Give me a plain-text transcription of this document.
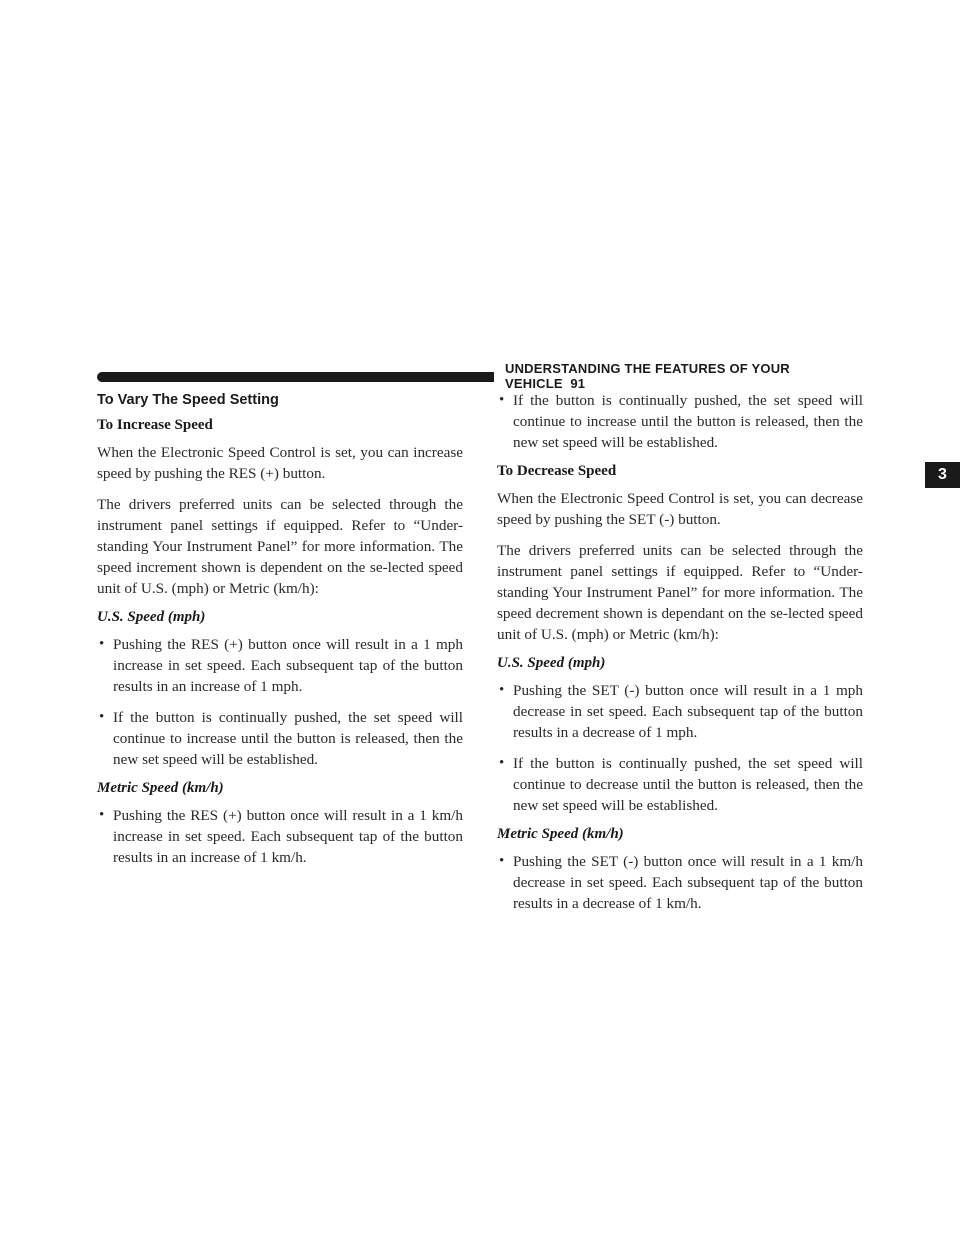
UNDERSTANDING THE FEATURES OF YOUR VEHICLE 91
3
To Vary The Speed Setting
To Increase Speed

When the Electronic Speed Control is set, you can increase speed by pushing the RES (+) button.

The drivers preferred units can be selected through the instrument panel settings if equipped. Refer to “Under-standing Your Instrument Panel” for more information. The speed increment shown is dependent on the se-lected speed unit of U.S. (mph) or Metric (km/h):

U.S. Speed (mph)
• Pushing the RES (+) button once will result in a 1 mph increase in set speed. Each subsequent tap of the button results in an increase of 1 mph.
• If the button is continually pushed, the set speed will continue to increase until the button is released, then the new set speed will be established.
Metric Speed (km/h)
• Pushing the RES (+) button once will result in a 1 km/h increase in set speed. Each subsequent tap of the button results in an increase of 1 km/h.
• If the button is continually pushed, the set speed will continue to increase until the button is released, then the new set speed will be established.
To Decrease Speed

When the Electronic Speed Control is set, you can decrease speed by pushing the SET (-) button.

The drivers preferred units can be selected through the instrument panel settings if equipped. Refer to “Under-standing Your Instrument Panel” for more information. The speed decrement shown is dependant on the se-lected speed unit of U.S. (mph) or Metric (km/h):

U.S. Speed (mph)
• Pushing the SET (-) button once will result in a 1 mph decrease in set speed. Each subsequent tap of the button results in a decrease of 1 mph.
• If the button is continually pushed, the set speed will continue to decrease until the button is released, then the new set speed will be established.
Metric Speed (km/h)
• Pushing the SET (-) button once will result in a 1 km/h decrease in set speed. Each subsequent tap of the button results in a decrease of 1 km/h.
